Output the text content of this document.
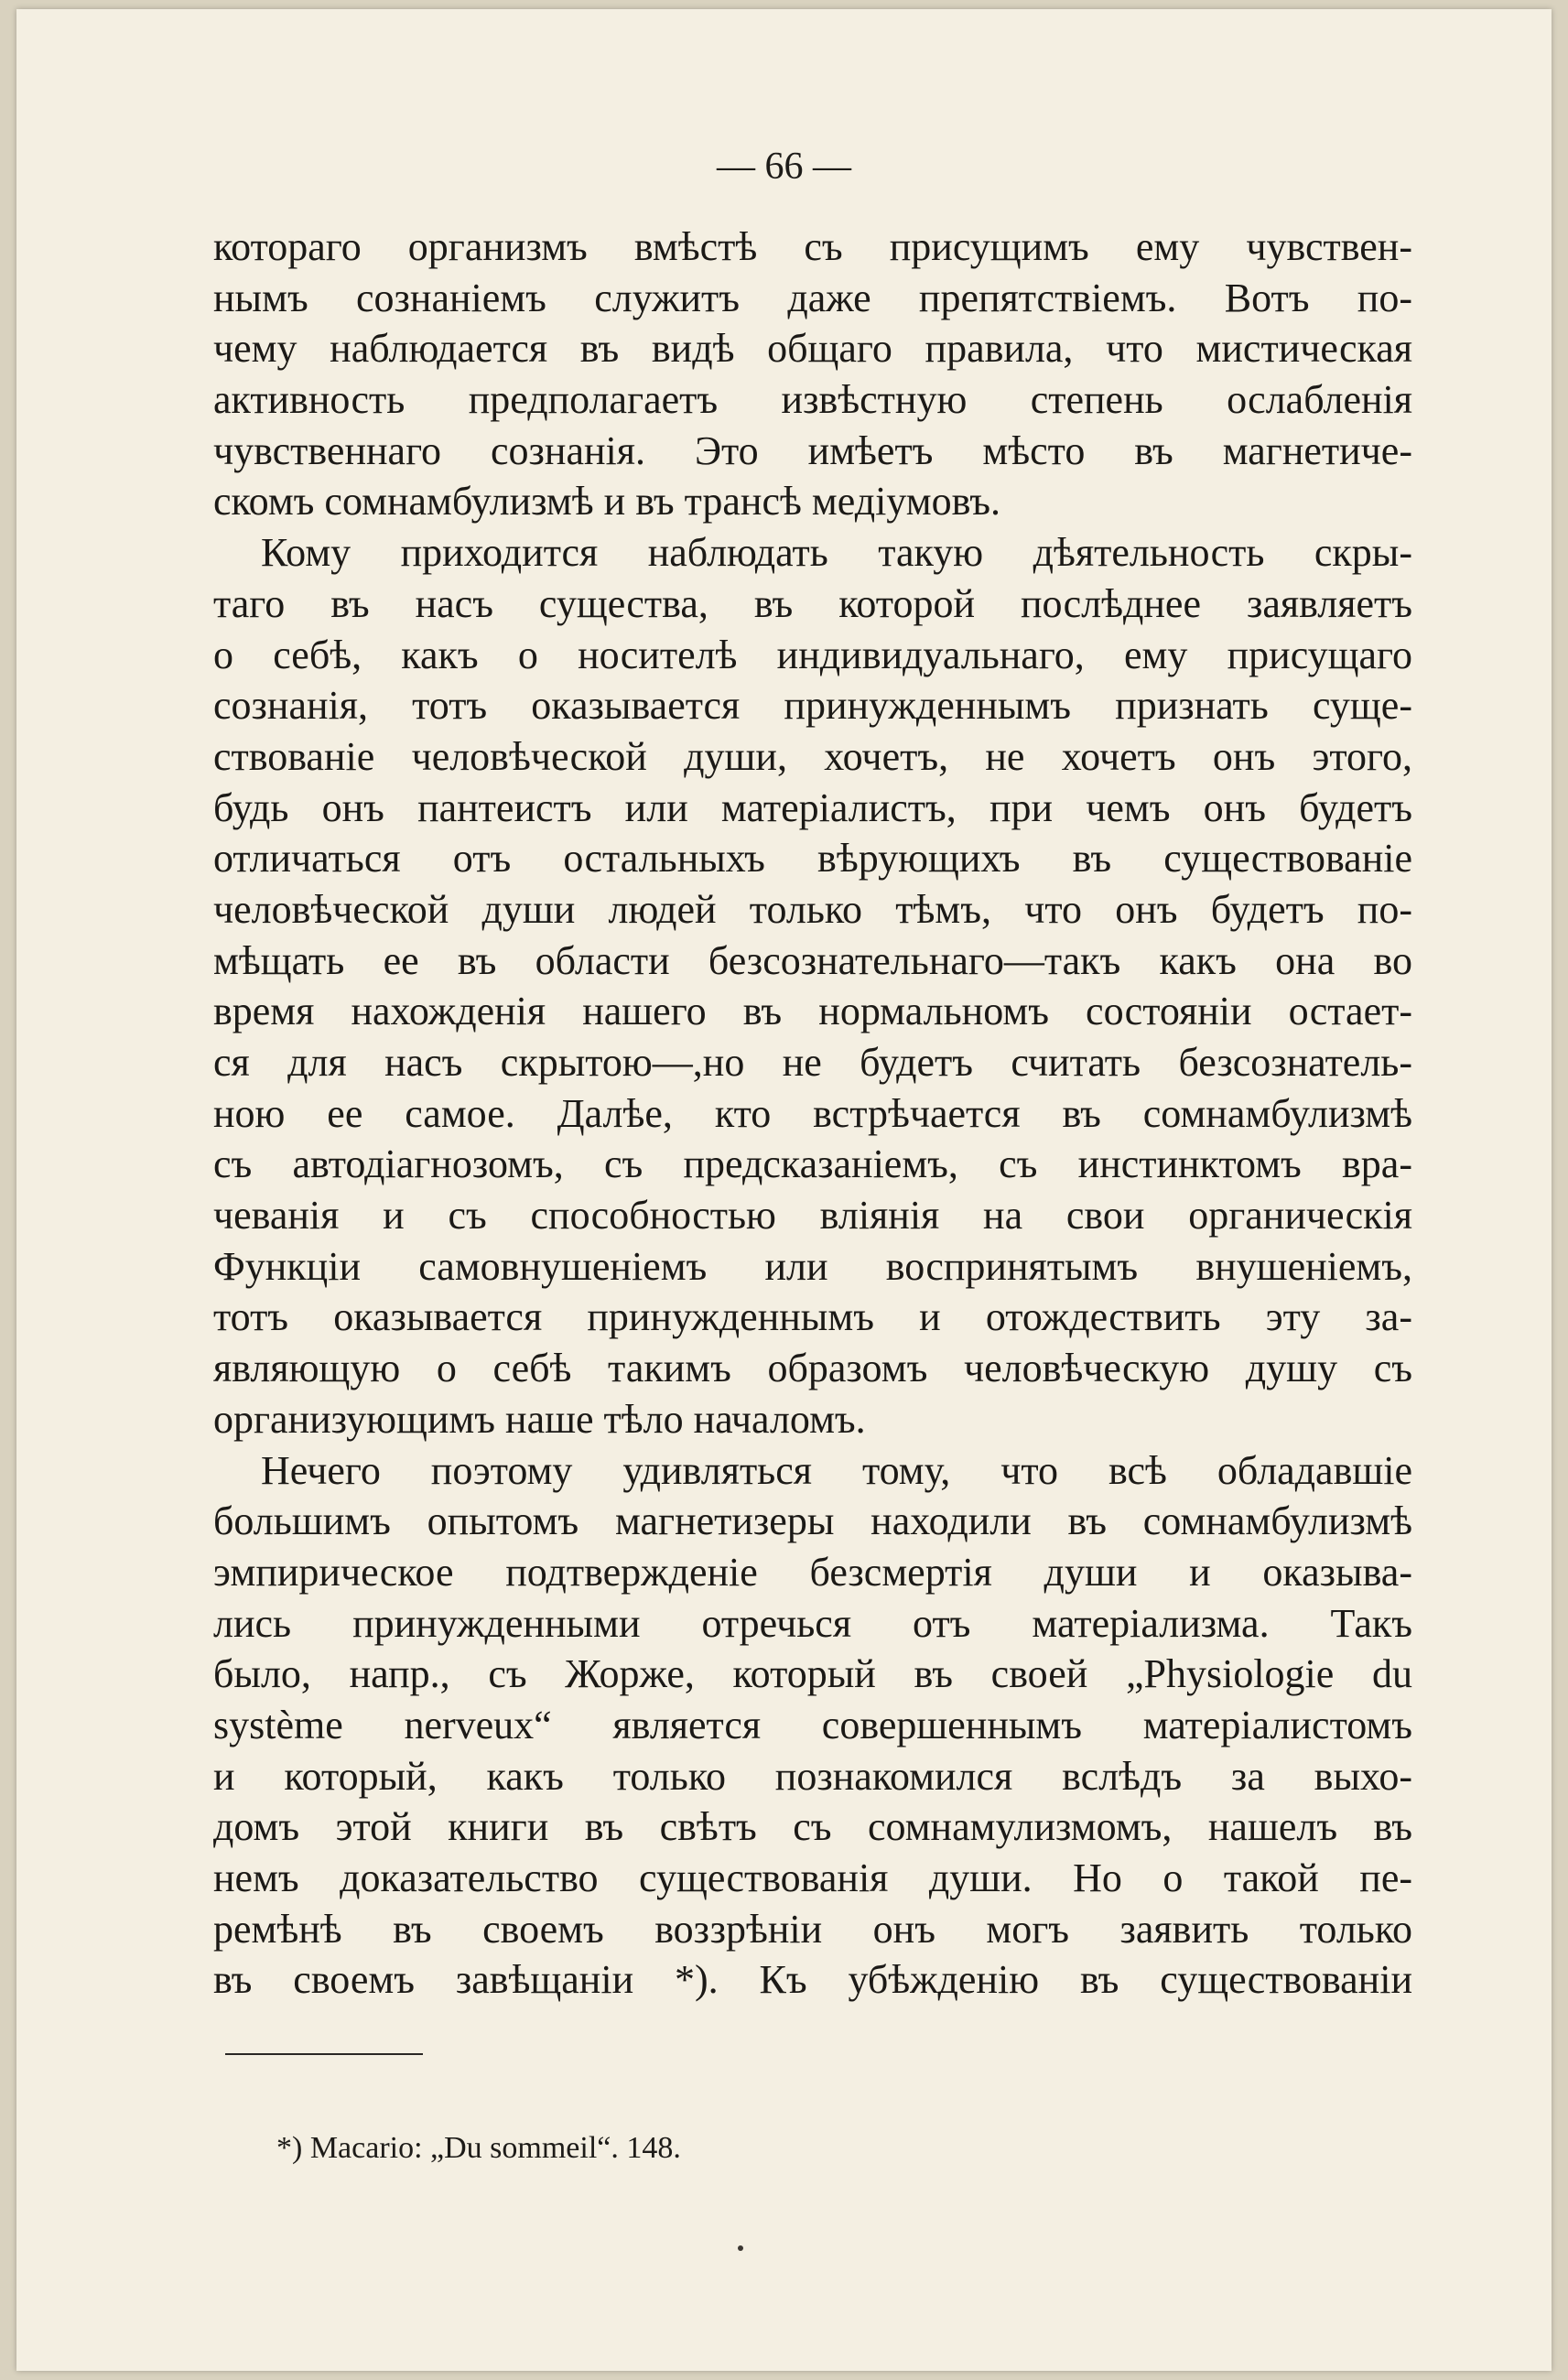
— 66 —
котораго организмъ вмѣстѣ съ присущимъ ему чувствен-
нымъ сознаніемъ служитъ даже препятствіемъ. Вотъ по-
чему наблюдается въ видѣ общаго правила, что мистическая
активность предполагаетъ извѣстную степень ослабленія
чувственнаго сознанія. Это имѣетъ мѣсто въ магнетиче-
скомъ сомнамбулизмѣ и въ трансѣ медіумовъ.
Кому приходится наблюдать такую дѣятельность скры-
таго въ насъ существа, въ которой послѣднее заявляетъ
о себѣ, какъ о носителѣ индивидуальнаго, ему присущаго
сознанія, тотъ оказывается принужденнымъ признать суще-
ствованіе человѣческой души, хочетъ, не хочетъ онъ этого,
будь онъ пантеистъ или матеріалистъ, при чемъ онъ будетъ
отличаться отъ остальныхъ вѣрующихъ въ существованіе
человѣческой души людей только тѣмъ, что онъ будетъ по-
мѣщать ее въ области безсознательнаго—такъ какъ она во
время нахожденія нашего въ нормальномъ состояніи остает-
ся для насъ скрытою—,но не будетъ считать безсознатель-
ною ее самое. Далѣе, кто встрѣчается въ сомнамбулизмѣ
съ автодіагнозомъ, съ предсказаніемъ, съ инстинктомъ вра-
чеванія и съ способностью вліянія на свои органическія
Функціи самовнушеніемъ или воспринятымъ внушеніемъ,
тотъ оказывается принужденнымъ и отождествить эту за-
являющую о себѣ такимъ образомъ человѣческую душу съ
организующимъ наше тѣло началомъ.
Нечего поэтому удивляться тому, что всѣ обладавшіе
большимъ опытомъ магнетизеры находили въ сомнамбулизмѣ
эмпирическое подтвержденіе безсмертія души и оказыва-
лись принужденными отречься отъ матеріализма. Такъ
было, напр., съ Жорже, который въ своей „Physiologie du
système nerveux“ является совершеннымъ матеріалистомъ
и который, какъ только познакомился вслѣдъ за выхо-
домъ этой книги въ свѣтъ съ сомнамулизмомъ, нашелъ въ
немъ доказательство существованія души. Но о такой пе-
ремѣнѣ въ своемъ воззрѣніи онъ могъ заявить только
въ своемъ завѣщаніи *). Къ убѣжденію въ существованіи
*) Macario: „Du sommeil“. 148.
